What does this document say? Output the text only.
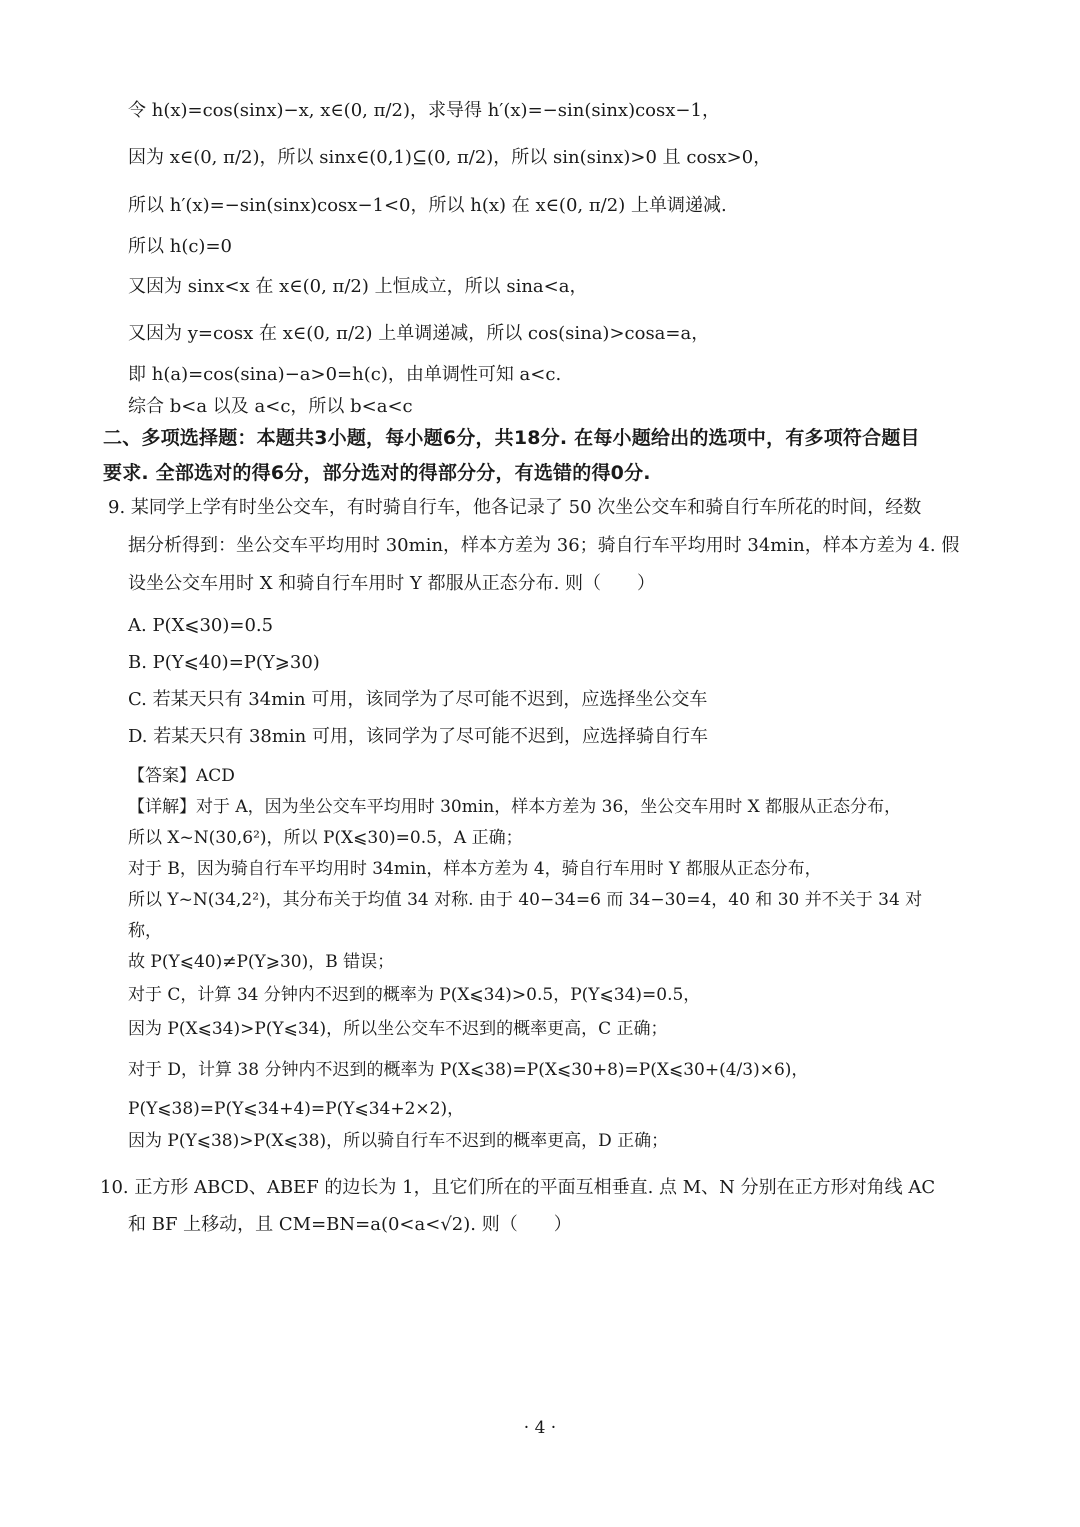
令 h(x)=cos(sinx)−x, x∈(0, π/2)，求导得 h′(x)=−sin(sinx)cosx−1，
因为 x∈(0, π/2)，所以 sinx∈(0,1)⊆(0, π/2)，所以 sin(sinx)>0 且 cosx>0，
所以 h′(x)=−sin(sinx)cosx−1<0，所以 h(x) 在 x∈(0, π/2) 上单调递减.
所以 h(c)=0
又因为 sinx<x 在 x∈(0, π/2) 上恒成立，所以 sina<a，
又因为 y=cosx 在 x∈(0, π/2) 上单调递减，所以 cos(sina)>cosa=a，
即 h(a)=cos(sina)−a>0=h(c)，由单调性可知 a<c.
综合 b<a 以及 a<c，所以 b<a<c
二、多项选择题：本题共3小题，每小题6分，共18分. 在每小题给出的选项中，有多项符合题目
要求. 全部选对的得6分，部分选对的得部分分，有选错的得0分.
9. 某同学上学有时坐公交车，有时骑自行车，他各记录了 50 次坐公交车和骑自行车所花的时间，经数
据分析得到：坐公交车平均用时 30min，样本方差为 36；骑自行车平均用时 34min，样本方差为 4. 假
设坐公交车用时 X 和骑自行车用时 Y 都服从正态分布. 则（　　）
A. P(X⩽30)=0.5
B. P(Y⩽40)=P(Y⩾30)
C. 若某天只有 34min 可用，该同学为了尽可能不迟到，应选择坐公交车
D. 若某天只有 38min 可用，该同学为了尽可能不迟到，应选择骑自行车
【答案】ACD
【详解】对于 A，因为坐公交车平均用时 30min，样本方差为 36，坐公交车用时 X 都服从正态分布，
所以 X~N(30,6²)，所以 P(X⩽30)=0.5，A 正确；
对于 B，因为骑自行车平均用时 34min，样本方差为 4，骑自行车用时 Y 都服从正态分布，
所以 Y~N(34,2²)，其分布关于均值 34 对称. 由于 40−34=6 而 34−30=4，40 和 30 并不关于 34 对
称，
故 P(Y⩽40)≠P(Y⩾30)，B 错误；
对于 C，计算 34 分钟内不迟到的概率为 P(X⩽34)>0.5，P(Y⩽34)=0.5，
因为 P(X⩽34)>P(Y⩽34)，所以坐公交车不迟到的概率更高，C 正确；
对于 D，计算 38 分钟内不迟到的概率为 P(X⩽38)=P(X⩽30+8)=P(X⩽30+(4/3)×6)，
P(Y⩽38)=P(Y⩽34+4)=P(Y⩽34+2×2)，
因为 P(Y⩽38)>P(X⩽38)，所以骑自行车不迟到的概率更高，D 正确；
10. 正方形 ABCD、ABEF 的边长为 1，且它们所在的平面互相垂直. 点 M、N 分别在正方形对角线 AC
和 BF 上移动，且 CM=BN=a(0<a<√2). 则（　　）
· 4 ·
